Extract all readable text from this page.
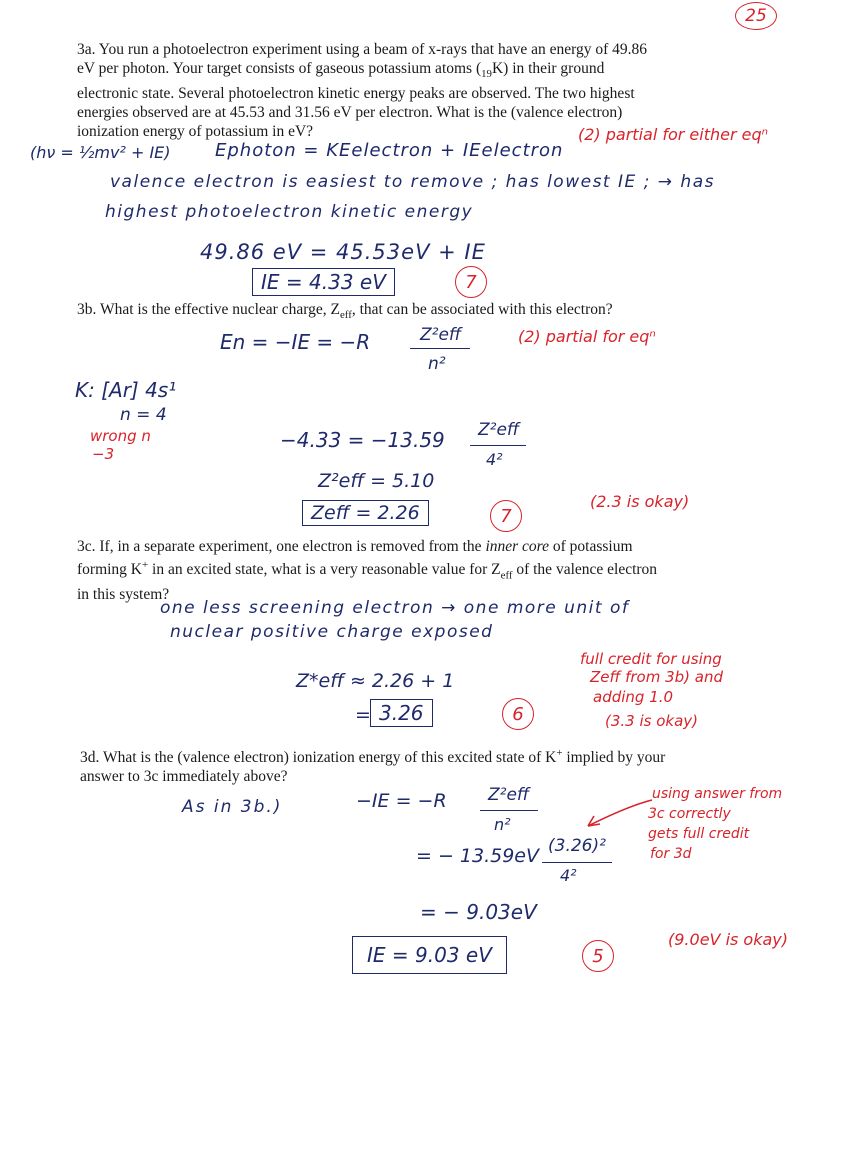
25
3a. You run a photoelectron experiment using a beam of x-rays that have an energy of 49.86
eV per photon. Your target consists of gaseous potassium atoms $(_{19}K)$ in their ground
electronic state. Several photoelectron kinetic energy peaks are observed. The two highest
energies observed are at 45.53 and 31.56 eV per electron. What is the (valence electron)
ionization energy of potassium in eV?
(hν = ½mv² + IE) Ephoton = KEelectron + IEelectron
(2) partial for either eqⁿ
valence electron is easiest to remove ; has lowest IE ; → has
highest photoelectron kinetic energy
49.86 eV = 45.53eV + IE
IE = 4.33 eV	7
3b. What is the effective nuclear charge, $Z_{eff}$, that can be associated with this electron?
En = −IE = −R	Z²eff
n²
(2) partial for eqⁿ
K: [Ar] 4s¹
n = 4
wrong n
−3
−4.33 = −13.59 Z²eff
4²
Z²eff = 5.10
Zeff = 2.26	7
(2.3 is okay)
3c. If, in a separate experiment, one electron is removed from the inner core of potassium
forming K+ in an excited state, what is a very reasonable value for $Z_{eff}$ of the valence electron
in this system?
one less screening electron → one more unit of
nuclear positive charge exposed
Z*eff ≈ 2.26 + 1
= 3.26	6
full credit for using
Zeff from 3b) and
adding 1.0
(3.3 is okay)
3d. What is the (valence electron) ionization energy of this excited state of K+ implied by your
answer to 3c immediately above?
As in 3b.)	−IE = −R Z²eff
n²
= − 13.59eV (3.26)²
4²
= − 9.03eV
IE = 9.03 eV	5
(9.0eV is okay)
using answer from
3c correctly
gets full credit
for 3d
